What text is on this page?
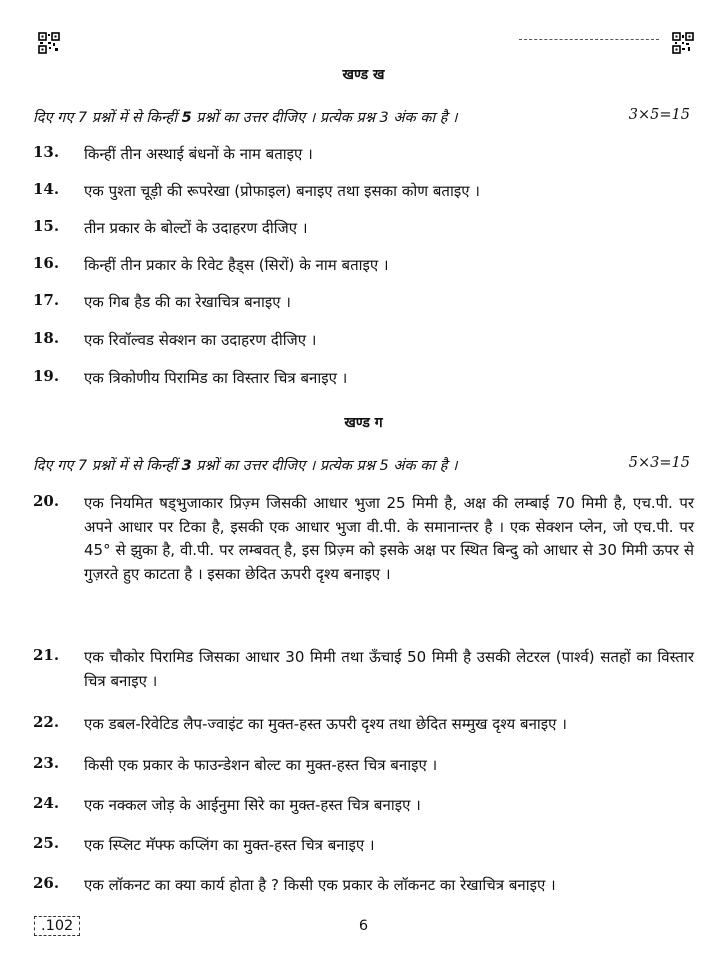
खण्ड ख
दिए गए 7 प्रश्नों में से किन्हीं 5 प्रश्नों का उत्तर दीजिए । प्रत्येक प्रश्न 3 अंक का है ।	3×5=15
13. किन्हीं तीन अस्थाई बंधनों के नाम बताइए ।
14. एक पुश्ता चूड़ी की रूपरेखा (प्रोफाइल) बनाइए तथा इसका कोण बताइए ।
15. तीन प्रकार के बोल्टों के उदाहरण दीजिए ।
16. किन्हीं तीन प्रकार के रिवेट हैड्स (सिरों) के नाम बताइए ।
17. एक गिब हैड की का रेखाचित्र बनाइए ।
18. एक रिवॉल्वड सेक्शन का उदाहरण दीजिए ।
19. एक त्रिकोणीय पिरामिड का विस्तार चित्र बनाइए ।
खण्ड ग
दिए गए 7 प्रश्नों में से किन्हीं 3 प्रश्नों का उत्तर दीजिए । प्रत्येक प्रश्न 5 अंक का है ।	5×3=15
20. एक नियमित षड्भुजाकार प्रिज़्म जिसकी आधार भुजा 25 मिमी है, अक्ष की लम्बाई 70 मिमी है, एच.पी. पर अपने आधार पर टिका है, इसकी एक आधार भुजा वी.पी. के समानान्तर है । एक सेक्शन प्लेन, जो एच.पी. पर 45° से झुका है, वी.पी. पर लम्बवत् है, इस प्रिज़्म को इसके अक्ष पर स्थित बिन्दु को आधार से 30 मिमी ऊपर से गुज़रते हुए काटता है । इसका छेदित ऊपरी दृश्य बनाइए ।
21. एक चौकोर पिरामिड जिसका आधार 30 मिमी तथा ऊँचाई 50 मिमी है उसकी लेटरल (पार्श्व) सतहों का विस्तार चित्र बनाइए ।
22. एक डबल-रिवेटिड लैप-ज्वाइंट का मुक्त-हस्त ऊपरी दृश्य तथा छेदित सम्मुख दृश्य बनाइए ।
23. किसी एक प्रकार के फाउन्डेशन बोल्ट का मुक्त-हस्त चित्र बनाइए ।
24. एक नक्कल जोड़ के आईनुमा सिरे का मुक्त-हस्त चित्र बनाइए ।
25. एक स्प्लिट मॅफ्फ कप्लिंग का मुक्त-हस्त चित्र बनाइए ।
26. एक लॉकनट का क्या कार्य होता है ? किसी एक प्रकार के लॉकनट का रेखाचित्र बनाइए ।
.102	6
